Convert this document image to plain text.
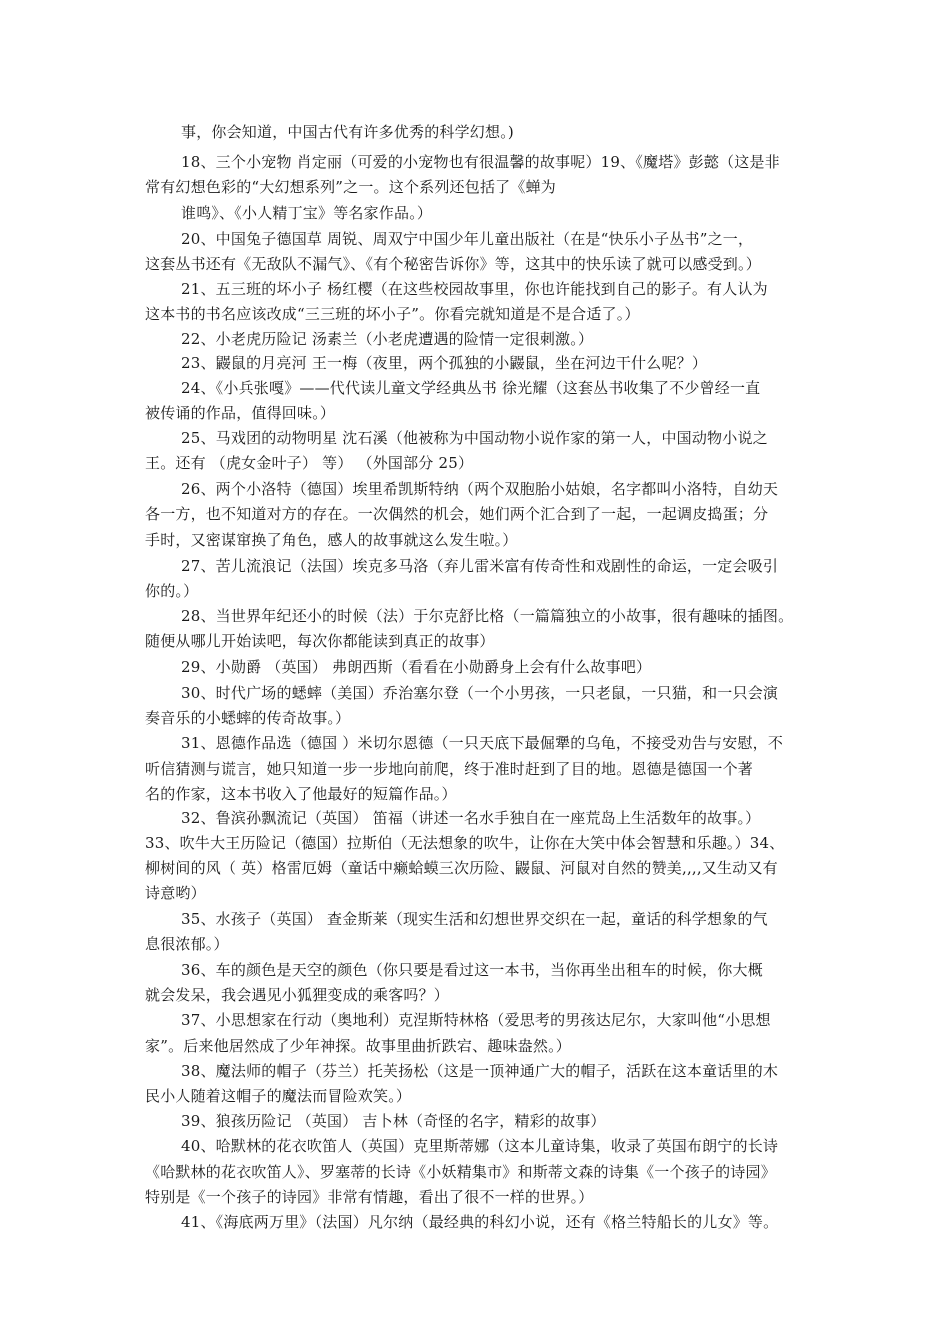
事，你会知道，中国古代有许多优秀的科学幻想。)
18、三个小宠物 肖定丽（可爱的小宠物也有很温馨的故事呢）19、《魔塔》彭懿（这是非
常有幻想色彩的“大幻想系列”之一。这个系列还包括了《蝉为
谁鸣》、《小人精丁宝》等名家作品。）
20、中国兔子德国草 周锐、周双宁中国少年儿童出版社（在是“快乐小子丛书”之一，
这套丛书还有《无敌队不漏气》、《有个秘密告诉你》等，这其中的快乐读了就可以感受到。）
21、五三班的坏小子 杨红樱（在这些校园故事里，你也许能找到自己的影子。有人认为
这本书的书名应该改成“三三班的坏小子”。你看完就知道是不是合适了。）
22、小老虎历险记 汤素兰（小老虎遭遇的险情一定很刺激。）
23、鼹鼠的月亮河 王一梅（夜里，两个孤独的小鼹鼠，坐在河边干什么呢？）
24、《小兵张嘎》——代代读儿童文学经典丛书 徐光耀（这套丛书收集了不少曾经一直
被传诵的作品，值得回味。）
25、马戏团的动物明星 沈石溪（他被称为中国动物小说作家的第一人，中国动物小说之
王。还有 （虎女金叶子） 等） （外国部分 25）
26、两个小洛特（德国）埃里希凯斯特纳（两个双胞胎小姑娘，名字都叫小洛特，自幼天
各一方，也不知道对方的存在。一次偶然的机会，她们两个汇合到了一起，一起调皮捣蛋；分
手时，又密谋窜换了角色，感人的故事就这么发生啦。）
27、苦儿流浪记（法国）埃克多马洛（弃儿雷米富有传奇性和戏剧性的命运，一定会吸引
你的。）
28、当世界年纪还小的时候（法）于尔克舒比格（一篇篇独立的小故事，很有趣味的插图。
随便从哪儿开始读吧，每次你都能读到真正的故事）
29、小勋爵 （英国） 弗朗西斯（看看在小勋爵身上会有什么故事吧）
30、时代广场的蟋蟀（美国）乔治塞尔登（一个小男孩，一只老鼠，一只猫，和一只会演
奏音乐的小蟋蟀的传奇故事。）
31、恩德作品选（德国 ）米切尔恩德（一只天底下最倔犟的乌龟，不接受劝告与安慰，不
听信猜测与谎言，她只知道一步一步地向前爬，终于准时赶到了目的地。恩德是德国一个著
名的作家，这本书收入了他最好的短篇作品。）
32、鲁滨孙飘流记（英国） 笛福（讲述一名水手独自在一座荒岛上生活数年的故事。）
33、吹牛大王历险记（德国）拉斯伯（无法想象的吹牛，让你在大笑中体会智慧和乐趣。）34、
柳树间的风（ 英）格雷厄姆（童话中癞蛤蟆三次历险、鼹鼠、河鼠对自然的赞美,,,,又生动又有
诗意哟）
35、水孩子（英国） 查金斯莱（现实生活和幻想世界交织在一起，童话的科学想象的气
息很浓郁。）
36、车的颜色是天空的颜色（你只要是看过这一本书，当你再坐出租车的时候，你大概
就会发呆，我会遇见小狐狸变成的乘客吗？）
37、小思想家在行动（奥地利）克涅斯特林格（爱思考的男孩达尼尔，大家叫他“小思想
家”。后来他居然成了少年神探。故事里曲折跌宕、趣味盎然。）
38、魔法师的帽子（芬兰）托芙扬松（这是一顶神通广大的帽子，活跃在这本童话里的木
民小人随着这帽子的魔法而冒险欢笑。）
39、狼孩历险记 （英国） 吉卜林（奇怪的名字，精彩的故事）
40、哈默林的花衣吹笛人（英国）克里斯蒂娜（这本儿童诗集，收录了英国布朗宁的长诗
《哈默林的花衣吹笛人》、罗塞蒂的长诗《小妖精集市》和斯蒂文森的诗集《一个孩子的诗园》
特别是《一个孩子的诗园》非常有情趣，看出了很不一样的世界。）
41、《海底两万里》（法国）凡尔纳（最经典的科幻小说，还有《格兰特船长的儿女》等。
